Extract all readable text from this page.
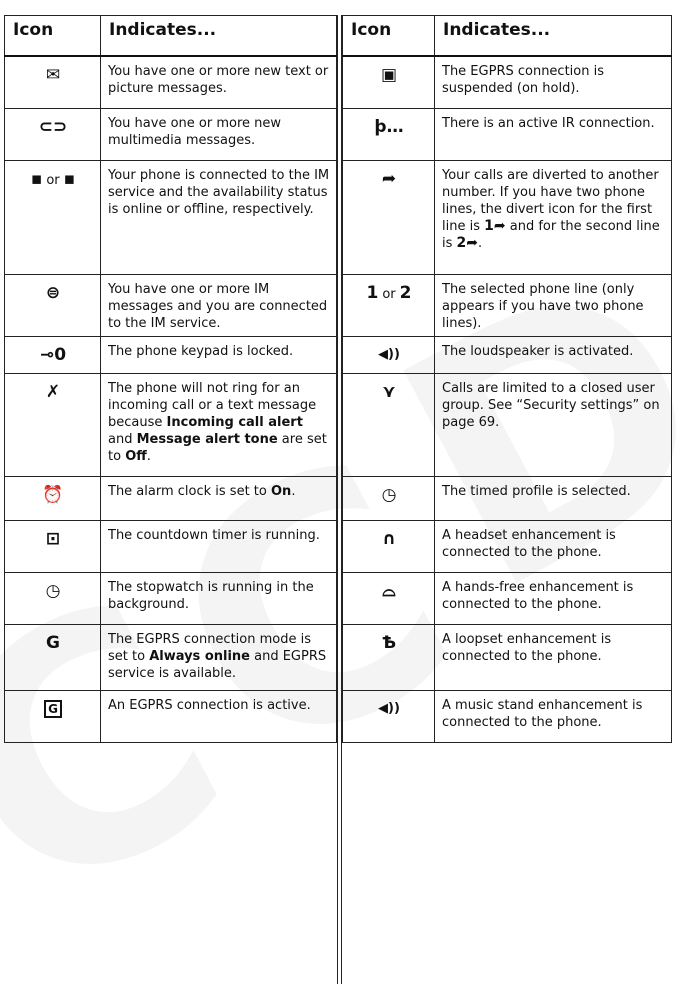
Icon	Indicates...
✉	You have one or more new text or picture messages.
⊂⊃	You have one or more new multimedia messages.
▪ or ▪	Your phone is connected to the IM service and the availability status is online or offline, respectively.
⊜	You have one or more IM messages and you are connected to the IM service.
⊸0	The phone keypad is locked.
✗	The phone will not ring for an incoming call or a text message because Incoming call alert and Message alert tone are set to Off.
⏰	The alarm clock is set to On.
⊡	The countdown timer is running.
◷	The stopwatch is running in the background.
G	The EGPRS connection mode is set to Always online and EGPRS service is available.
G	An EGPRS connection is active.
Icon	Indicates...
▣	The EGPRS connection is suspended (on hold).
þ…	There is an active IR connection.
➦	Your calls are diverted to another number. If you have two phone lines, the divert icon for the first line is 1➦ and for the second line is 2➦.
1 or 2	The selected phone line (only appears if you have two phone lines).
◀))	The loudspeaker is activated.
⋎	Calls are limited to a closed user group. See “Security settings” on page 69.
◷	The timed profile is selected.
∩	A headset enhancement is connected to the phone.
⌓	A hands-free enhancement is connected to the phone.
Ѣ	A loopset enhancement is connected to the phone.
◀))	A music stand enhancement is connected to the phone.
